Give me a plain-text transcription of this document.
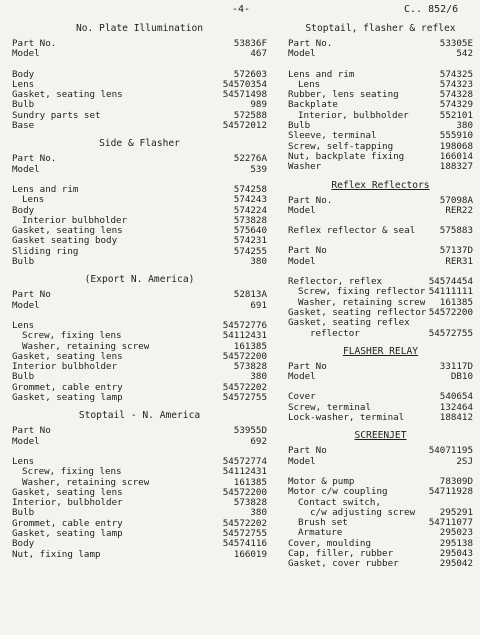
-4-	C.. 852/6
No. Plate Illumination
Part No.	53836F
Model	467
Body	572603
Lens	54570354
Gasket, seating lens	54571498
Bulb	989
Sundry parts set	572588
Base	54572012
Side & Flasher
Part No.	52276A
Model	539
Lens and rim	574258
Lens	574243
Body	574224
Interior bulbholder	573828
Gasket, seating lens	575640
Gasket seating body	574231
Sliding ring	574255
Bulb	380
(Export N. America)
Part No	52813A
Model	691
Lens	54572776
Screw, fixing lens	54112431
Washer, retaining screw	161385
Gasket, seating lens	54572200
Interior bulbholder	573828
Bulb	380
Grommet, cable entry	54572202
Gasket, seating lamp	54572755
Stoptail - N. America
Part No	53955D
Model	692
Lens	54572774
Screw, fixing lens	54112431
Washer, retaining screw	161385
Gasket, seating lens	54572200
Interior, bulbholder	573828
Bulb	380
Grommet, cable entry	54572202
Gasket, seating lamp	54572755
Body	54574116
Nut, fixing lamp	166019
Stoptail, flasher & reflex
Part No.	53305E
Model	542
Lens and rim	574325
Lens	574323
Rubber, lens seating	574328
Backplate	574329
Interior, bulbholder	552101
Bulb	380
Sleeve, terminal	555910
Screw, self-tapping	198068
Nut, backplate fixing	166014
Washer	188327
Reflex Reflectors
Part No.	57098A
Model	RER22
Reflex reflector & seal	575883
Part No	57137D
Model	RER31
Reflector, reflex	54574454
Screw, fixing reflector 54111111
Washer, retaining screw 161385
Gasket, seating reflector 54572200
Gasket, seating reflex
reflector	54572755
FLASHER RELAY
Part No	33117D
Model	DB10
Cover	540654
Screw, terminal	132464
Lock-washer, terminal	188412
SCREENJET
Part No	54071195
Model	2SJ
Motor & pump	78309D
Motor c/w coupling	54711928
Contact switch,
c/w adjusting screw	295291
Brush set	54711077
Armature	295023
Cover, moulding	295138
Cap, filler, rubber	295043
Gasket, cover rubber	295042
